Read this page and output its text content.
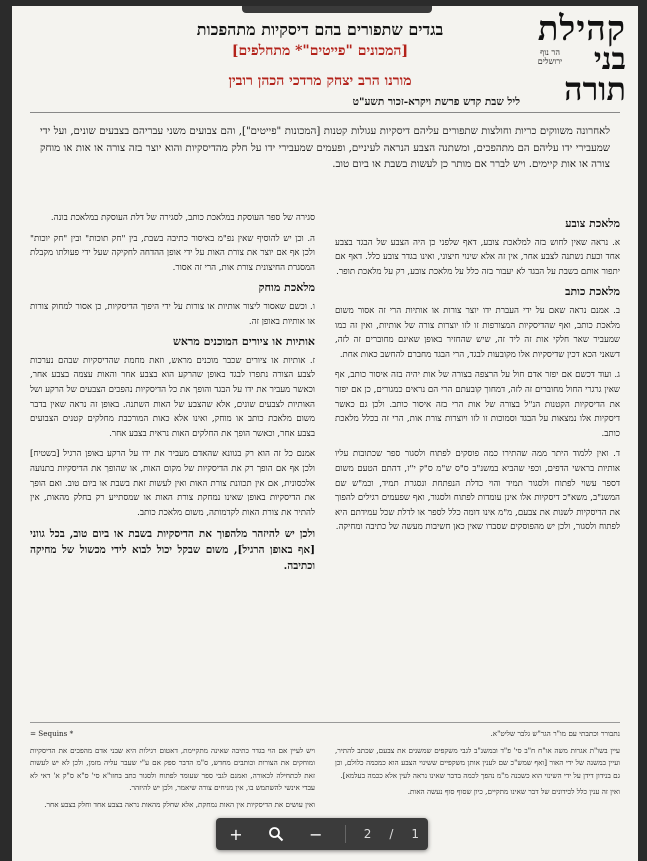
קהילת
בני
תורה
הר נוף ירושלים
בגדים שתפורים בהם דיסקיות מתהפכות
[המכונים "פייטים"* מתחלפים]
מורנו הרב יצחק מרדכי הכהן רובין
ליל שבת קדש פרשת ויקרא-זכור תשע"ט
לאחרונה משווקים כריות וחולצות שתפורים עליהם דיסקיות עגולות קטנות [המכונות "פייטים"], והם צבועים משני עבריהם בצבעים שונים, ועל ידי שמעבירי ידו עליהם הם מתהפכים, ומשתנה הצבע הנראה לעיניים, ופעמים שמעבירי ידו על חלק מהדיסקיות והוא יוצר בזה צורה או אות או מוחק צורה או אות קיימים. ויש לברר אם מותר כן לעשות בשבת או ביום טוב.
מלאכת צובע

א. נראה שאין לחוש בזה למלאכת צובע, דאף שלפני כן היה הצבע של הבגד בצבע אחד וכעת נשתנה לצבע אחר, אין זה אלא שינוי חיצוני, ואינו בגדר צובע כלל. דאף אם יתפור אותם בשבת על הבגד לא יעבור בזה כלל על מלאכת צובע, רק על מלאכת תופר.

מלאכת כותב

ב. אמנם נראה שאם על ידי העברת ידו יוצר צורות או אותיות הרי זה אסור משום מלאכת כותב, ואף שהדיסקיות המצורפות זו לזו יוצרות צורה של אותיות, ואין זה כמו שמעביר שאר חלקי אות זה ליד זה, שיש שהחזיר באופן שאינם מחוברים זה לזה, דשאני הכא דכין שדיסקיות אלו מקובעות לבגד, הרי הבגד מחברם להחשב כאות אחת.

ג. ועוד דכשם אם יפזר אדם חול על הרצפה בצורה של אות יהיה בזה איסור כותב, אף שאין גרגרי החול מחוברים זה לזה, דמחוך קובעתם הרי הם נראים כמגורים, כן אם יפזר את הדיסקיות הקטנות הנ"ל בצורה של אות הרי בזה איסור כותב. ולכן גם כאשר דיסקיות אלו נמצאות על הבגד וסמוכות זו לזו ויוצרות צורת אות, הרי זה בכלל מלאכת כותב.

ד. ואין ללמוד היתר ממה שהתירו כמה פוסקים לפתוח ולסגור ספר שכתובות עליו אותיות בראשי הדפים, וכפי שהביא במשנ"ב ס"ס ש"מ ס"ק י"ז, דהתם הטעם משום דספר עשוי לפתוח ולסגור תמיד והוי כדלת הנפתחת ונסגרת תמיד, וכמ"ש שם המשנ"ב, משא"כ דיסקיות אלו אינן עומדות לפתוח ולסגור, ואף שפעמים רגילים להפוך את הדיסקיות לשנות את צבעם, מ"מ אינו דומה כלל לספר או לדלת שכל עמידתם היא לפתוח ולסגור, ולכן יש מהפוסקים שסברו שאין כאן חשיבות מעשה של כתיבה ומחיקה.

סגירה של ספר העוסקת במלאכת כותב, לסגירה של דלת העוסקת במלאכת בונה.

ה. וכן יש להוסיף שאין נפ"מ באיסור כתיבה בשבת, בין "חק תוכות" ובין "חק יוכות" ולכן אף אם יוצר את צורת האות על ידי אופן ההדחה לחקיקה שעל ידי פעולתו מקבלת המסגרת החיצונית צורת אות, הרי זה אסור.

מלאכת מוחק

ו. וכשם שאסור ליצור אותיות או צורות על ידי היפוך הדיסקיות, כן אסור למחוק צורות או אותיות באופן זה.

אותיות או ציורים המוכנים מראש

ז. אותיות או ציורים שכבר מוכנים מראש, וזאת מחמת שהדיסקיות שבהם נערכות לצבע הצורה נתפרו לבגד באופן שהרקע הוא בצבע אחר והאות עצמה בצבע אחר, וכאשר מעביר את ידו על הבגד והופך את כל הדיסקיות נהפכים הצבעים של הרקע ושל האותיות לצבעים שונים, אלא שהצבע של האות השתנה. באופן זה נראה שאין בדבר משום מלאכת כותב או מוחק, ואינו אלא כאות המורכבת מחלקים קטנים הצבועים בצבע אחר, וכאשר הופך את החלקים האות נראית בצבע אחר.

אמנם כל זה הוא רק בגוונא שהאדם מעביר את ידו על הרקע באופן הרגיל [בשטיח] ולכן אף אם הופך רק את הדיסקיות של מקום האות, או שהופך את הדיסקיות בתנועה אלכסונית, אם אין תכוונת צורת האות ואין לעשות זאת בשבת או ביום טוב. ואם הופך את הדיסקיות באופן שאינו נמחקת צורת האות או שמסתייע רק בחלק מהאות, אין להתיר את צורת האות לקדמותה, משום מלאכת כותב.

ולכן יש להיזהר מלהפוך את הדיסקיות בשבת או ביום טוב, בכל גווני [אף באופן הרגיל], משום שבקל יכול לבוא לידי מכשול של מחיקה וכתיבה.

נתבורר וכתבתי עם מו"ר הגר"ש גלבר שליט"א.

עיין בשו"ת אגרות משה או"ח ח"ב סי' פ"ד ובמשנ"ב לגבי משקפים שמשנים את צבעם, שכתב להתיר, ועיין במשנה של ידי האור [ואף שמש"כ שם לענין אותן משקפיים ששינוי הצבע הוא כמכמה כלולם, וכן גם בנידון דידן על ידי השינוי הוא כשכנה מ"מ נהפך לכמה בדבר שאינו נראה לעין אלא ככמה בעלמא].

ואין זה ענין כלל לכידונים של דבר שאינו מתקיים, כיון שסוף סוף נעשה האות.

= Sequins *

ויש לעיין אם הוי בגדר כתיבה שאינה מתקיימת, דאטום רגילות היא שבני אדם מהפכים את הדיסקיות ומוחקים את הצורות וכותבים מחדש, ס"מ הדבר ספק אם ע"י שעבר עליה מזמן, ולכן לא יש לעשות זאת לכתחילה לכאורה, ואמנם לגבי ספר שעומד לפתוח ולסגור כתב בחזו"א סי' ס"א ס"ק א' דאי לא עבדי אינשי להשתמש בו, אין מניחים צורה שיאמר, ולכן יש להיזהר.

ואין עושים את הדיסקיות אין האות נמחקת, אלא שחלק מהאות נראה בצבע אחד וחלק בצבע אחר.

+	−	2 / 1
